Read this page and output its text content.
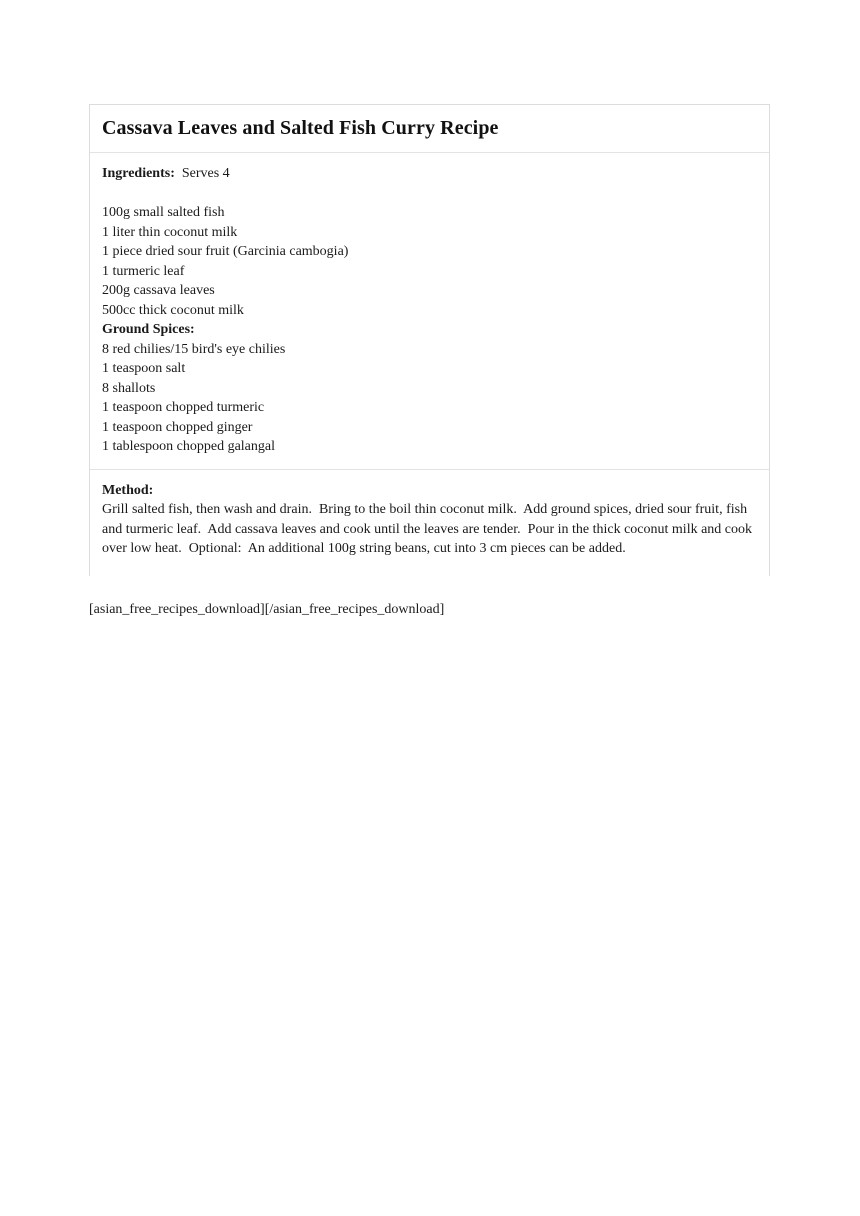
Cassava Leaves and Salted Fish Curry Recipe

Ingredients: Serves 4

100g small salted fish
1 liter thin coconut milk
1 piece dried sour fruit (Garcinia cambogia)
1 turmeric leaf
200g cassava leaves
500cc thick coconut milk
Ground Spices:
8 red chilies/15 bird's eye chilies
1 teaspoon salt
8 shallots
1 teaspoon chopped turmeric
1 teaspoon chopped ginger
1 tablespoon chopped galangal

Method:

Grill salted fish, then wash and drain.  Bring to the boil thin coconut milk.  Add ground spices, dried sour fruit, fish and turmeric leaf.  Add cassava leaves and cook until the leaves are tender.  Pour in the thick coconut milk and cook over low heat.  Optional:  An additional 100g string beans, cut into 3 cm pieces can be added.

[asian_free_recipes_download][/asian_free_recipes_download]
